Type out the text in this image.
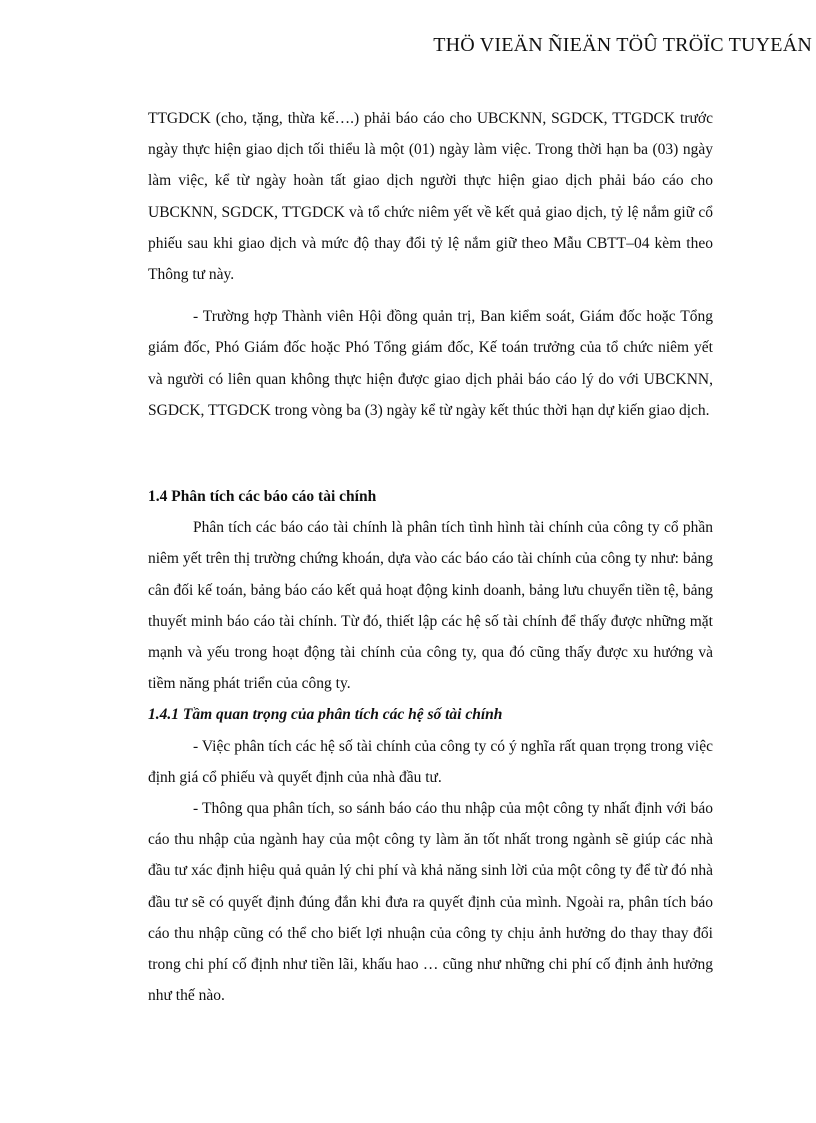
THÖ VIEÄN ÑIEÄN TÖÛ TRÖÏC TUYEÁN

TTGDCK (cho, tặng, thừa kế….) phải báo cáo cho UBCKNN, SGDCK, TTGDCK trước ngày thực hiện giao dịch tối thiểu là một (01) ngày làm việc. Trong thời hạn ba (03) ngày làm việc, kể từ ngày hoàn tất giao dịch người thực hiện giao dịch phải báo cáo cho UBCKNN, SGDCK, TTGDCK và tổ chức niêm yết về kết quả giao dịch, tỷ lệ nắm giữ cổ phiếu sau khi giao dịch và mức độ thay đổi tỷ lệ nắm giữ theo Mẫu CBTT–04 kèm theo Thông tư này.

- Trường hợp Thành viên Hội đồng quản trị, Ban kiểm soát, Giám đốc hoặc Tổng giám đốc, Phó Giám đốc hoặc Phó Tổng giám đốc, Kế toán trưởng của tổ chức niêm yết và người có liên quan không thực hiện được giao dịch phải báo cáo lý do với UBCKNN, SGDCK, TTGDCK trong vòng ba (3) ngày kể từ ngày kết thúc thời hạn dự kiến giao dịch.

1.4 Phân tích các báo cáo tài chính

Phân tích các báo cáo tài chính là phân tích tình hình tài chính của công ty cổ phần niêm yết trên thị trường chứng khoán, dựa vào các báo cáo tài chính của công ty như: bảng cân đối kế toán, bảng báo cáo kết quả hoạt động kinh doanh, bảng lưu chuyển tiền tệ, bảng thuyết minh báo cáo tài chính. Từ đó, thiết lập các hệ số tài chính để thấy được những mặt mạnh và yếu trong hoạt động tài chính của công ty, qua đó cũng thấy được xu hướng và tiềm năng phát triển của công ty.

1.4.1 Tầm quan trọng của phân tích các hệ số tài chính

- Việc phân tích các hệ số tài chính của công ty có ý nghĩa rất quan trọng trong việc định giá cổ phiếu và quyết định của nhà đầu tư.

- Thông qua phân tích, so sánh báo cáo thu nhập của một công ty nhất định với báo cáo thu nhập của ngành hay của một công ty làm ăn tốt nhất trong ngành sẽ giúp các nhà đầu tư xác định hiệu quả quản lý chi phí và khả năng sinh lời của một công ty để từ đó nhà đầu tư sẽ có quyết định đúng đắn khi đưa ra quyết định của mình. Ngoài ra, phân tích báo cáo thu nhập cũng có thể cho biết lợi nhuận của công ty chịu ảnh hưởng do thay thay đổi trong chi phí cố định như tiền lãi, khấu hao … cũng như những chi phí cố định ảnh hưởng như thế nào.
